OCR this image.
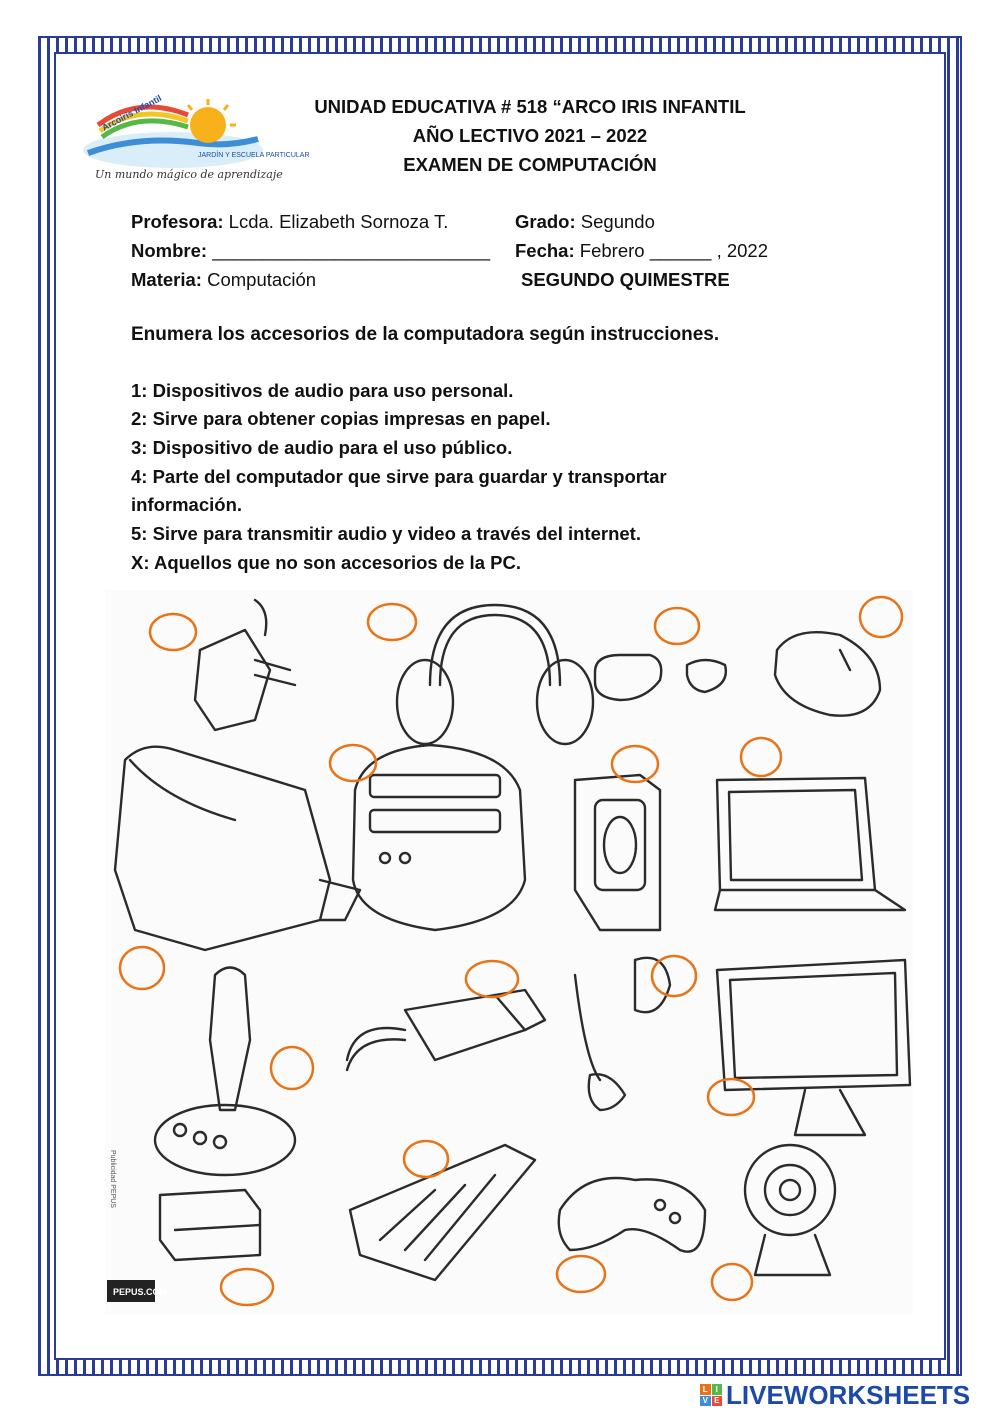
JARDÍN Y ESCUELA PARTICULAR
Arcoiris Infantil
Un mundo mágico de aprendizaje
UNIDAD EDUCATIVA # 518 “ARCO IRIS INFANTIL
AÑO LECTIVO 2021 – 2022
EXAMEN DE COMPUTACIÓN
Profesora: Lcda. Elizabeth Sornoza T.	Grado: Segundo
Nombre: ___________________________ Fecha: Febrero ______ , 2022
Materia: Computación	SEGUNDO QUIMESTRE
Enumera los accesorios de la computadora según instrucciones.
1: Dispositivos de audio para uso personal.
2: Sirve para obtener copias impresas en papel.
3: Dispositivo de audio para el uso público.
4: Parte del computador que sirve para guardar y transportar
información.
5: Sirve para transmitir audio y video a través del internet.
X: Aquellos que no son accesorios de la PC.
PEPUS.COM
Publicidad PEPUS
L I
V E LIVEWORKSHEETS
